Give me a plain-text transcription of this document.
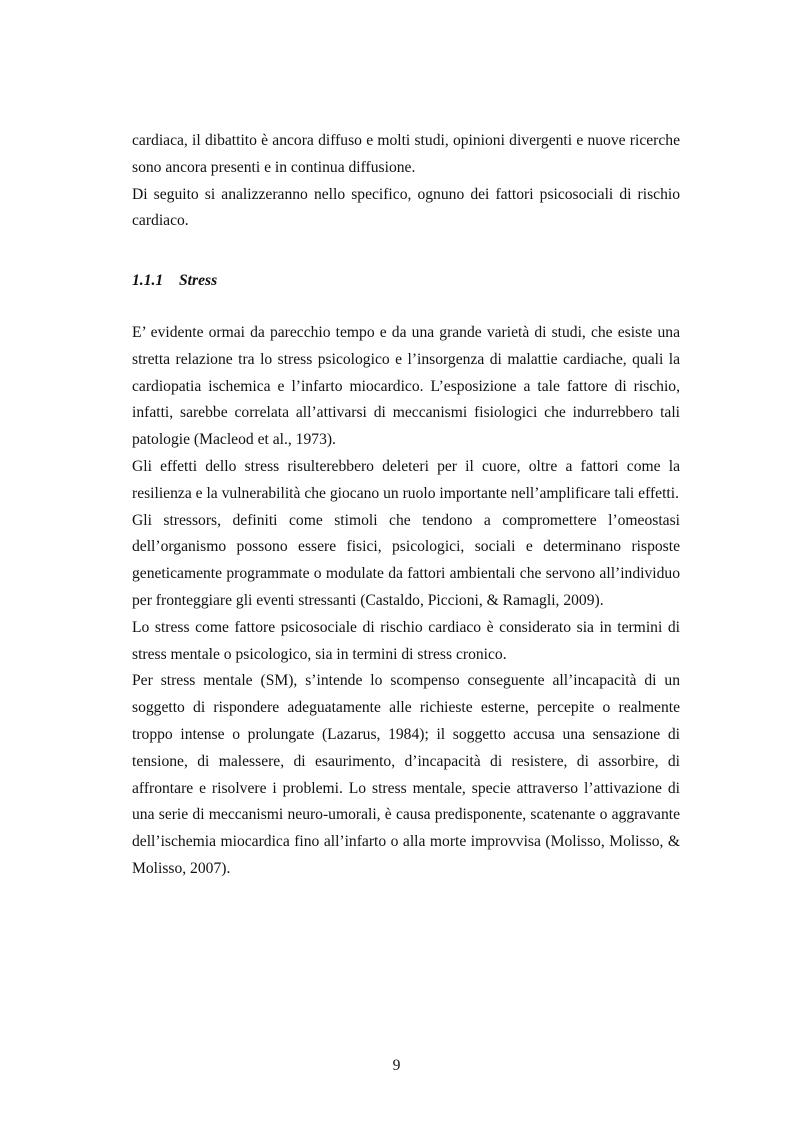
cardiaca, il dibattito è ancora diffuso e molti studi, opinioni divergenti e nuove ricerche sono ancora presenti e in continua diffusione.

Di seguito si analizzeranno nello specifico, ognuno dei fattori psicosociali di rischio cardiaco.

1.1.1 Stress

E’ evidente ormai da parecchio tempo e da una grande varietà di studi, che esiste una stretta relazione tra lo stress psicologico e l’insorgenza di malattie cardiache, quali la cardiopatia ischemica e l’infarto miocardico. L’esposizione a tale fattore di rischio, infatti, sarebbe correlata all’attivarsi di meccanismi fisiologici che indurrebbero tali patologie (Macleod et al., 1973).

Gli effetti dello stress risulterebbero deleteri per il cuore, oltre a fattori come la resilienza e la vulnerabilità che giocano un ruolo importante nell’amplificare tali effetti.

Gli stressors, definiti come stimoli che tendono a compromettere l’omeostasi dell’organismo possono essere fisici, psicologici, sociali e determinano risposte geneticamente programmate o modulate da fattori ambientali che servono all’individuo per fronteggiare gli eventi stressanti (Castaldo, Piccioni, & Ramagli, 2009).

Lo stress come fattore psicosociale di rischio cardiaco è considerato sia in termini di stress mentale o psicologico, sia in termini di stress cronico.

Per stress mentale (SM), s’intende lo scompenso conseguente all’incapacità di un soggetto di rispondere adeguatamente alle richieste esterne, percepite o realmente troppo intense o prolungate (Lazarus, 1984); il soggetto accusa una sensazione di tensione, di malessere, di esaurimento, d’incapacità di resistere, di assorbire, di affrontare e risolvere i problemi. Lo stress mentale, specie attraverso l’attivazione di una serie di meccanismi neuro-umorali, è causa predisponente, scatenante o aggravante dell’ischemia miocardica fino all’infarto o alla morte improvvisa (Molisso, Molisso, & Molisso, 2007).

9
